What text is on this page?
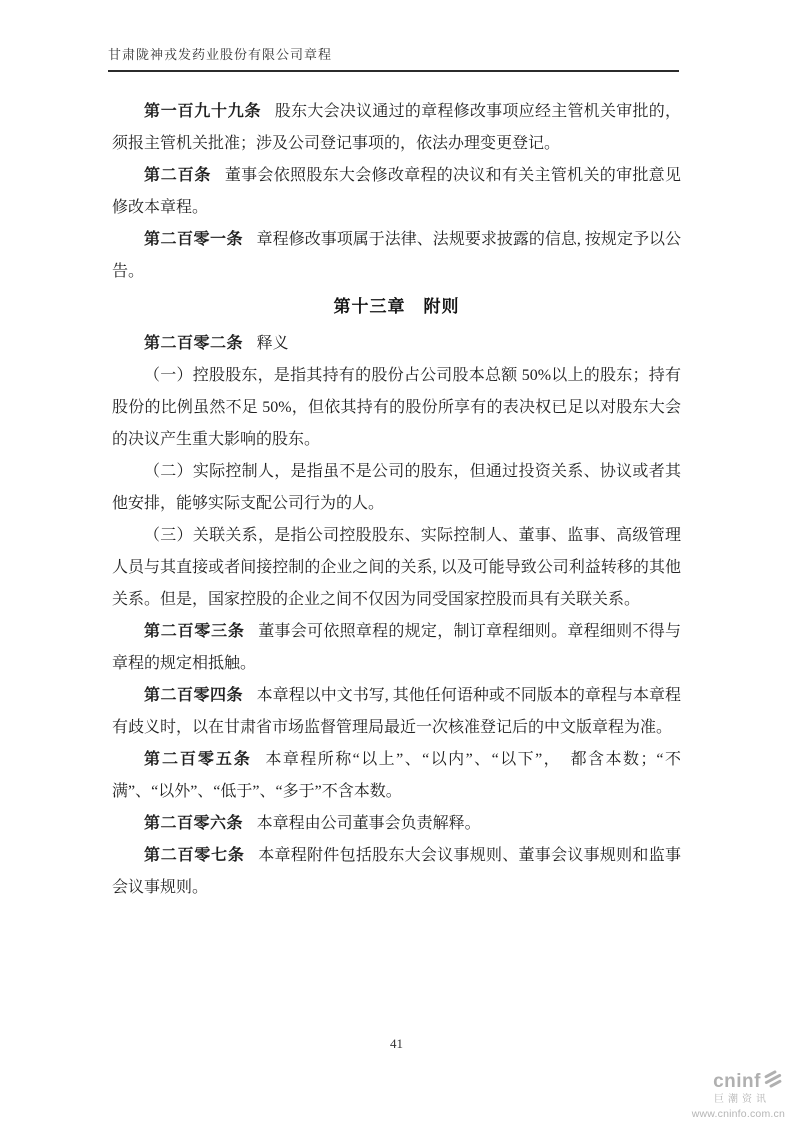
甘肃陇神戎发药业股份有限公司章程

第一百九十九条 股东大会决议通过的章程修改事项应经主管机关审批的，须报主管机关批准；涉及公司登记事项的，依法办理变更登记。

第二百条 董事会依照股东大会修改章程的决议和有关主管机关的审批意见修改本章程。

第二百零一条 章程修改事项属于法律、法规要求披露的信息, 按规定予以公告。

第十三章　附则

第二百零二条 释义

（一）控股股东，是指其持有的股份占公司股本总额 50%以上的股东；持有股份的比例虽然不足 50%，但依其持有的股份所享有的表决权已足以对股东大会的决议产生重大影响的股东。

（二）实际控制人，是指虽不是公司的股东，但通过投资关系、协议或者其他安排，能够实际支配公司行为的人。

（三）关联关系，是指公司控股股东、实际控制人、董事、监事、高级管理人员与其直接或者间接控制的企业之间的关系, 以及可能导致公司利益转移的其他关系。但是，国家控股的企业之间不仅因为同受国家控股而具有关联关系。

第二百零三条 董事会可依照章程的规定，制订章程细则。章程细则不得与章程的规定相抵触。

第二百零四条 本章程以中文书写, 其他任何语种或不同版本的章程与本章程有歧义时，以在甘肃省市场监督管理局最近一次核准登记后的中文版章程为准。

第二百零五条 本章程所称“以上”、“以内”、“以下”，　都含本数；“不满”、“以外”、“低于”、“多于”不含本数。

第二百零六条 本章程由公司董事会负责解释。

第二百零七条 本章程附件包括股东大会议事规则、董事会议事规则和监事会议事规则。

41
cninf
巨潮资讯
www.cninfo.com.cn
